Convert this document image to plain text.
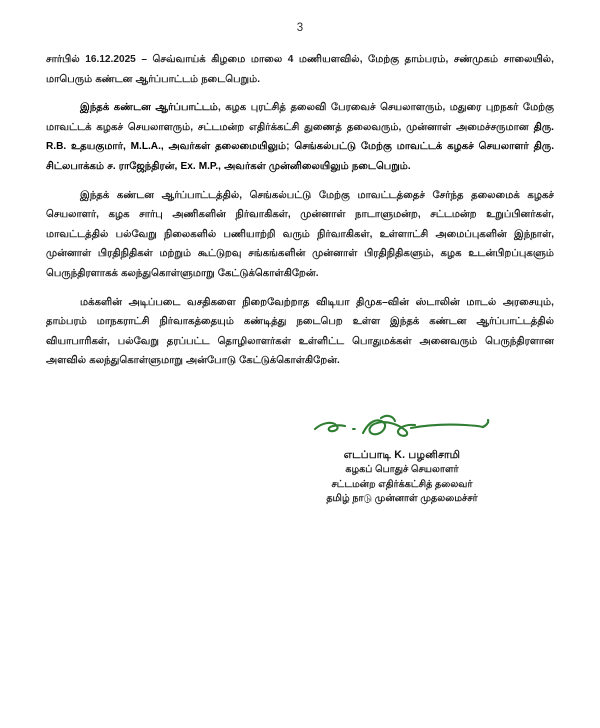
3

சார்பில் 16.12.2025 – செவ்வாய்க் கிழமை மாலை 4 மணியளவில், மேற்கு தாம்பரம், சண்முகம் சாலையில், மாபெரும் கண்டன ஆர்ப்பாட்டம் நடைபெறும்.

இந்தக் கண்டன ஆர்ப்பாட்டம், கழக புரட்சித் தலைவி பேரவைச் செயலாளரும், மதுரை புறநகர் மேற்கு மாவட்டக் கழகச் செயலாளரும், சட்டமன்ற எதிர்க்கட்சி துணைத் தலைவரும், முன்னாள் அமைச்சருமான திரு. R.B. உதயகுமார், M.L.A., அவர்கள் தலைமையிலும்; செங்கல்பட்டு மேற்கு மாவட்டக் கழகச் செயலாளர் திரு. சிட்லபாக்கம் ச. ராஜேந்திரன், Ex. M.P., அவர்கள் முன்னிலையிலும் நடைபெறும்.

இந்தக் கண்டன ஆர்ப்பாட்டத்தில், செங்கல்பட்டு மேற்கு மாவட்டத்தைச் சேர்ந்த தலைமைக் கழகச் செயலாளர், கழக சார்பு அணிகளின் நிர்வாகிகள், முன்னாள் நாடாளுமன்ற, சட்டமன்ற உறுப்பினர்கள், மாவட்டத்தில் பல்வேறு நிலைகளில் பணியாற்றி வரும் நிர்வாகிகள், உள்ளாட்சி அமைப்புகளின் இந்நாள், முன்னாள் பிரதிநிதிகள் மற்றும் கூட்டுறவு சங்கங்களின் முன்னாள் பிரதிநிதிகளும், கழக உடன்பிறப்புகளும் பெருந்திரளாகக் கலந்துகொள்ளுமாறு கேட்டுக்கொள்கிறேன்.

மக்களின் அடிப்படை வசதிகளை நிறைவேற்றாத விடியா திமுக–வின் ஸ்டாலின் மாடல் அரசையும், தாம்பரம் மாநகராட்சி நிர்வாகத்தையும் கண்டித்து நடைபெற உள்ள இந்தக் கண்டன ஆர்ப்பாட்டத்தில் வியாபாரிகள், பல்வேறு தரப்பட்ட தொழிலாளர்கள் உள்ளிட்ட பொதுமக்கள் அனைவரும் பெருந்திரளான அளவில் கலந்துகொள்ளுமாறு அன்போடு கேட்டுக்கொள்கிறேன்.

எடப்பாடி K. பழனிசாமி
கழகப் பொதுச் செயலாளர்
சட்டமன்ற எதிர்க்கட்சித் தலைவர்
தமிழ் நாடு முன்னாள் முதலமைச்சர்
